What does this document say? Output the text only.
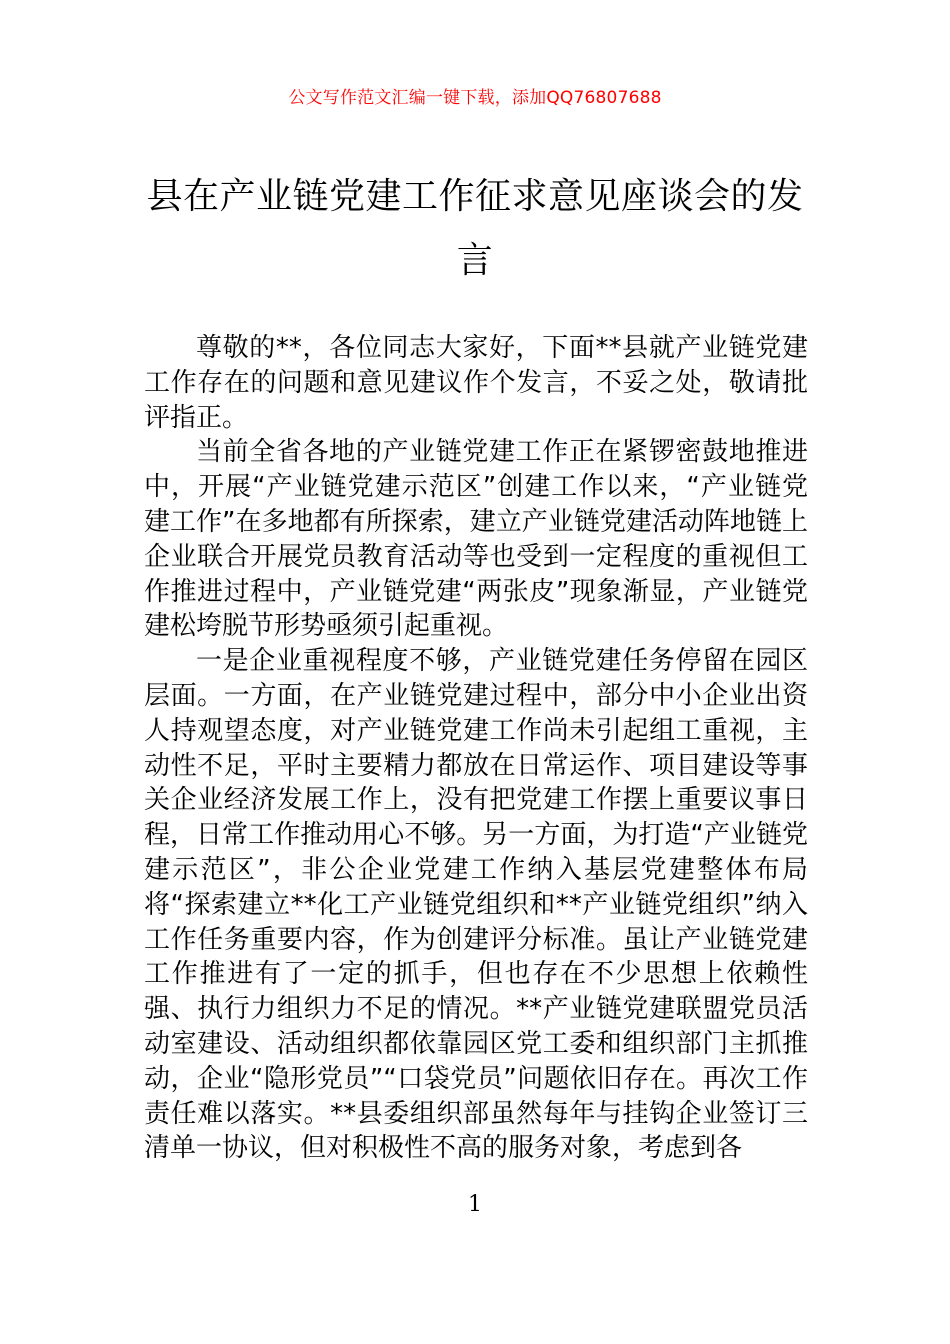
公文写作范文汇编一键下载，添加QQ76807688
县在产业链党建工作征求意见座谈会的发言

尊敬的**，各位同志大家好，下面**县就产业链党建工作存在的问题和意见建议作个发言，不妥之处，敬请批评指正。

当前全省各地的产业链党建工作正在紧锣密鼓地推进中，开展“产业链党建示范区”创建工作以来，“产业链党建工作”在多地都有所探索，建立产业链党建活动阵地链上企业联合开展党员教育活动等也受到一定程度的重视但工作推进过程中，产业链党建“两张皮”现象渐显，产业链党建松垮脱节形势亟须引起重视。

一是企业重视程度不够，产业链党建任务停留在园区层面。一方面，在产业链党建过程中，部分中小企业出资人持观望态度，对产业链党建工作尚未引起组工重视，主动性不足，平时主要精力都放在日常运作、项目建设等事关企业经济发展工作上，没有把党建工作摆上重要议事日程，日常工作推动用心不够。另一方面，为打造“产业链党建示范区”，非公企业党建工作纳入基层党建整体布局将“探索建立**化工产业链党组织和**产业链党组织”纳入工作任务重要内容，作为创建评分标准。虽让产业链党建工作推进有了一定的抓手，但也存在不少思想上依赖性强、执行力组织力不足的情况。**产业链党建联盟党员活动室建设、活动组织都依靠园区党工委和组织部门主抓推动，企业“隐形党员”“口袋党员”问题依旧存在。再次工作责任难以落实。**县委组织部虽然每年与挂钩企业签订三清单一协议，但对积极性不高的服务对象，考虑到各

1
